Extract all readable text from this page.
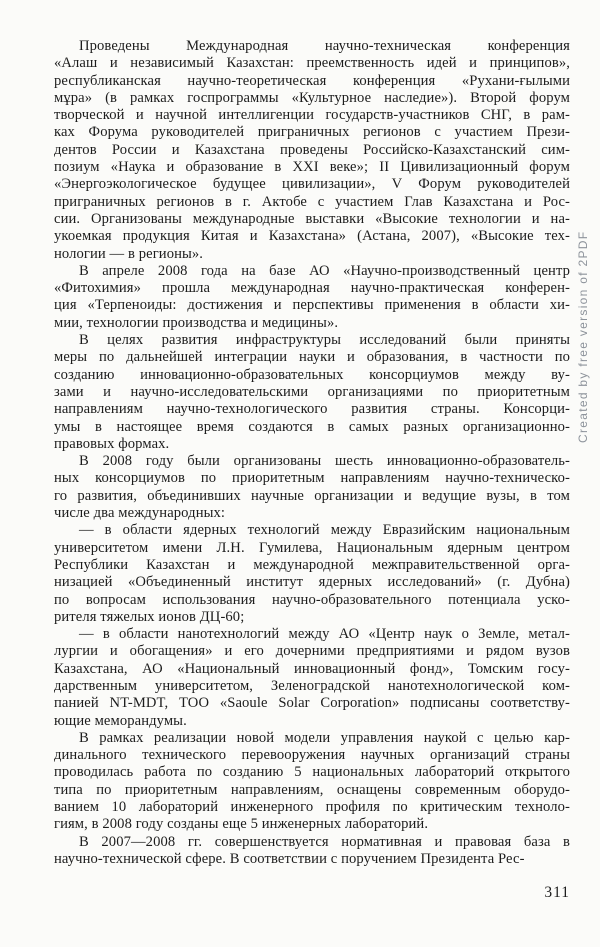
Проведены Международная научно-техническая конференция
«Алаш и независимый Казахстан: преемственность идей и принципов»,
республиканская научно-теоретическая конференция «Рухани-ғылыми
мұра» (в рамках госпрограммы «Культурное наследие»). Второй форум
творческой и научной интеллигенции государств-участников СНГ, в рам-
ках Форума руководителей приграничных регионов с участием Прези-
дентов России и Казахстана проведены Российско-Казахстанский сим-
позиум «Наука и образование в XXI веке»; II Цивилизационный форум
«Энергоэкологическое будущее цивилизации», V Форум руководителей
приграничных регионов в г. Актобе с участием Глав Казахстана и Рос-
сии. Организованы международные выставки «Высокие технологии и на-
укоемкая продукция Китая и Казахстана» (Астана, 2007), «Высокие тех-
нологии — в регионы».
В апреле 2008 года на базе АО «Научно-производственный центр
«Фитохимия» прошла международная научно-практическая конферен-
ция «Терпеноиды: достижения и перспективы применения в области хи-
мии, технологии производства и медицины».
В целях развития инфраструктуры исследований были приняты
меры по дальнейшей интеграции науки и образования, в частности по
созданию инновационно-образовательных консорциумов между ву-
зами и научно-исследовательскими организациями по приоритетным
направлениям научно-технологического развития страны. Консорци-
умы в настоящее время создаются в самых разных организационно-
правовых формах.
В 2008 году были организованы шесть инновационно-образователь-
ных консорциумов по приоритетным направлениям научно-техническо-
го развития, объединивших научные организации и ведущие вузы, в том
числе два международных:
— в области ядерных технологий между Евразийским национальным
университетом имени Л.Н. Гумилева, Национальным ядерным центром
Республики Казахстан и международной межправительственной орга-
низацией «Объединенный институт ядерных исследований» (г. Дубна)
по вопросам использования научно-образовательного потенциала уско-
рителя тяжелых ионов ДЦ-60;
— в области нанотехнологий между АО «Центр наук о Земле, метал-
лургии и обогащения» и его дочерними предприятиями и рядом вузов
Казахстана, АО «Национальный инновационный фонд», Томским госу-
дарственным университетом, Зеленоградской нанотехнологической ком-
панией NT-MDT, ТОО «Saoule Solar Corporation» подписаны соответству-
ющие меморандумы.
В рамках реализации новой модели управления наукой с целью кар-
динального технического перевооружения научных организаций страны
проводилась работа по созданию 5 национальных лабораторий открытого
типа по приоритетным направлениям, оснащены современным оборудо-
ванием 10 лабораторий инженерного профиля по критическим техноло-
гиям, в 2008 году созданы еще 5 инженерных лабораторий.
В 2007—2008 гг. совершенствуется нормативная и правовая база в
научно-технической сфере. В соответствии с поручением Президента Рес-
311
Created by free version of 2PDF
